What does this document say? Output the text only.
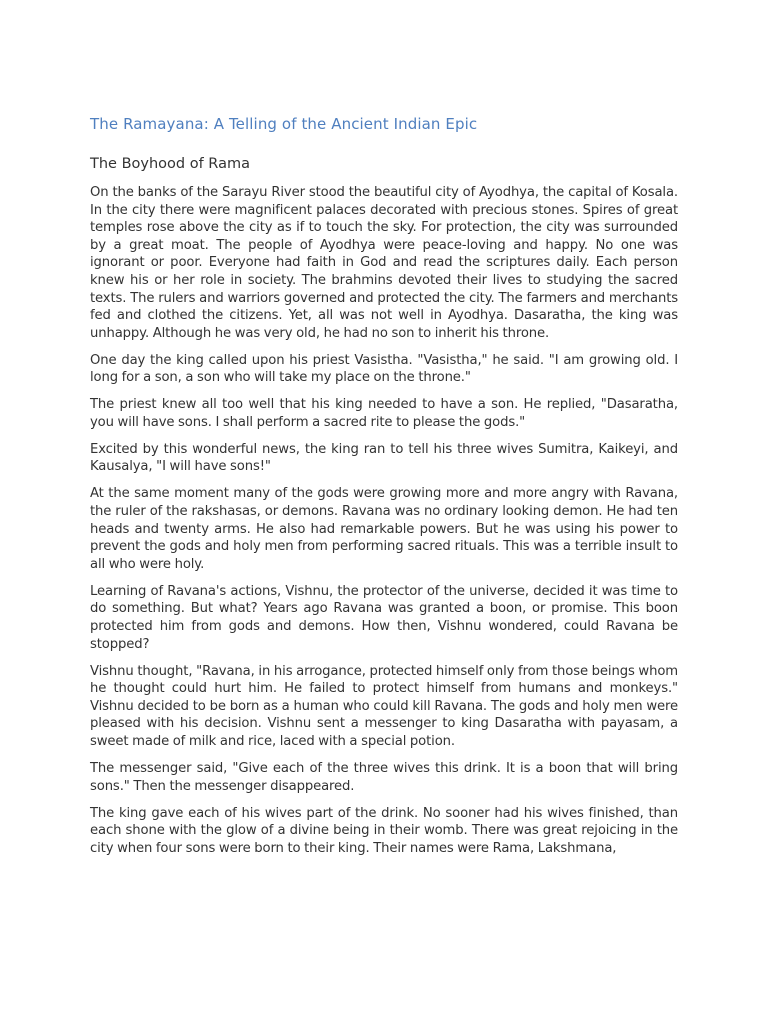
The Ramayana: A Telling of the Ancient Indian Epic
The Boyhood of Rama

On the banks of the Sarayu River stood the beautiful city of Ayodhya, the capital of Kosala. In the city there were magnificent palaces decorated with precious stones. Spires of great temples rose above the city as if to touch the sky. For protection, the city was surrounded by a great moat. The people of Ayodhya were peace-loving and happy. No one was ignorant or poor. Everyone had faith in God and read the scriptures daily. Each person knew his or her role in society. The brahmins devoted their lives to studying the sacred texts. The rulers and warriors governed and protected the city. The farmers and merchants fed and clothed the citizens. Yet, all was not well in Ayodhya. Dasaratha, the king was unhappy. Although he was very old, he had no son to inherit his throne.

One day the king called upon his priest Vasistha. "Vasistha," he said. "I am growing old. I long for a son, a son who will take my place on the throne."

The priest knew all too well that his king needed to have a son. He replied, "Dasaratha, you will have sons. I shall perform a sacred rite to please the gods."

Excited by this wonderful news, the king ran to tell his three wives Sumitra, Kaikeyi, and Kausalya, "I will have sons!"

At the same moment many of the gods were growing more and more angry with Ravana, the ruler of the rakshasas, or demons. Ravana was no ordinary looking demon. He had ten heads and twenty arms. He also had remarkable powers. But he was using his power to prevent the gods and holy men from performing sacred rituals. This was a terrible insult to all who were holy.

Learning of Ravana's actions, Vishnu, the protector of the universe, decided it was time to do something. But what? Years ago Ravana was granted a boon, or promise. This boon protected him from gods and demons. How then, Vishnu wondered, could Ravana be stopped?

Vishnu thought, "Ravana, in his arrogance, protected himself only from those beings whom he thought could hurt him. He failed to protect himself from humans and monkeys." Vishnu decided to be born as a human who could kill Ravana. The gods and holy men were pleased with his decision. Vishnu sent a messenger to king Dasaratha with payasam, a sweet made of milk and rice, laced with a special potion.

The messenger said, "Give each of the three wives this drink. It is a boon that will bring sons." Then the messenger disappeared.

The king gave each of his wives part of the drink. No sooner had his wives finished, than each shone with the glow of a divine being in their womb. There was great rejoicing in the city when four sons were born to their king. Their names were Rama, Lakshmana,
